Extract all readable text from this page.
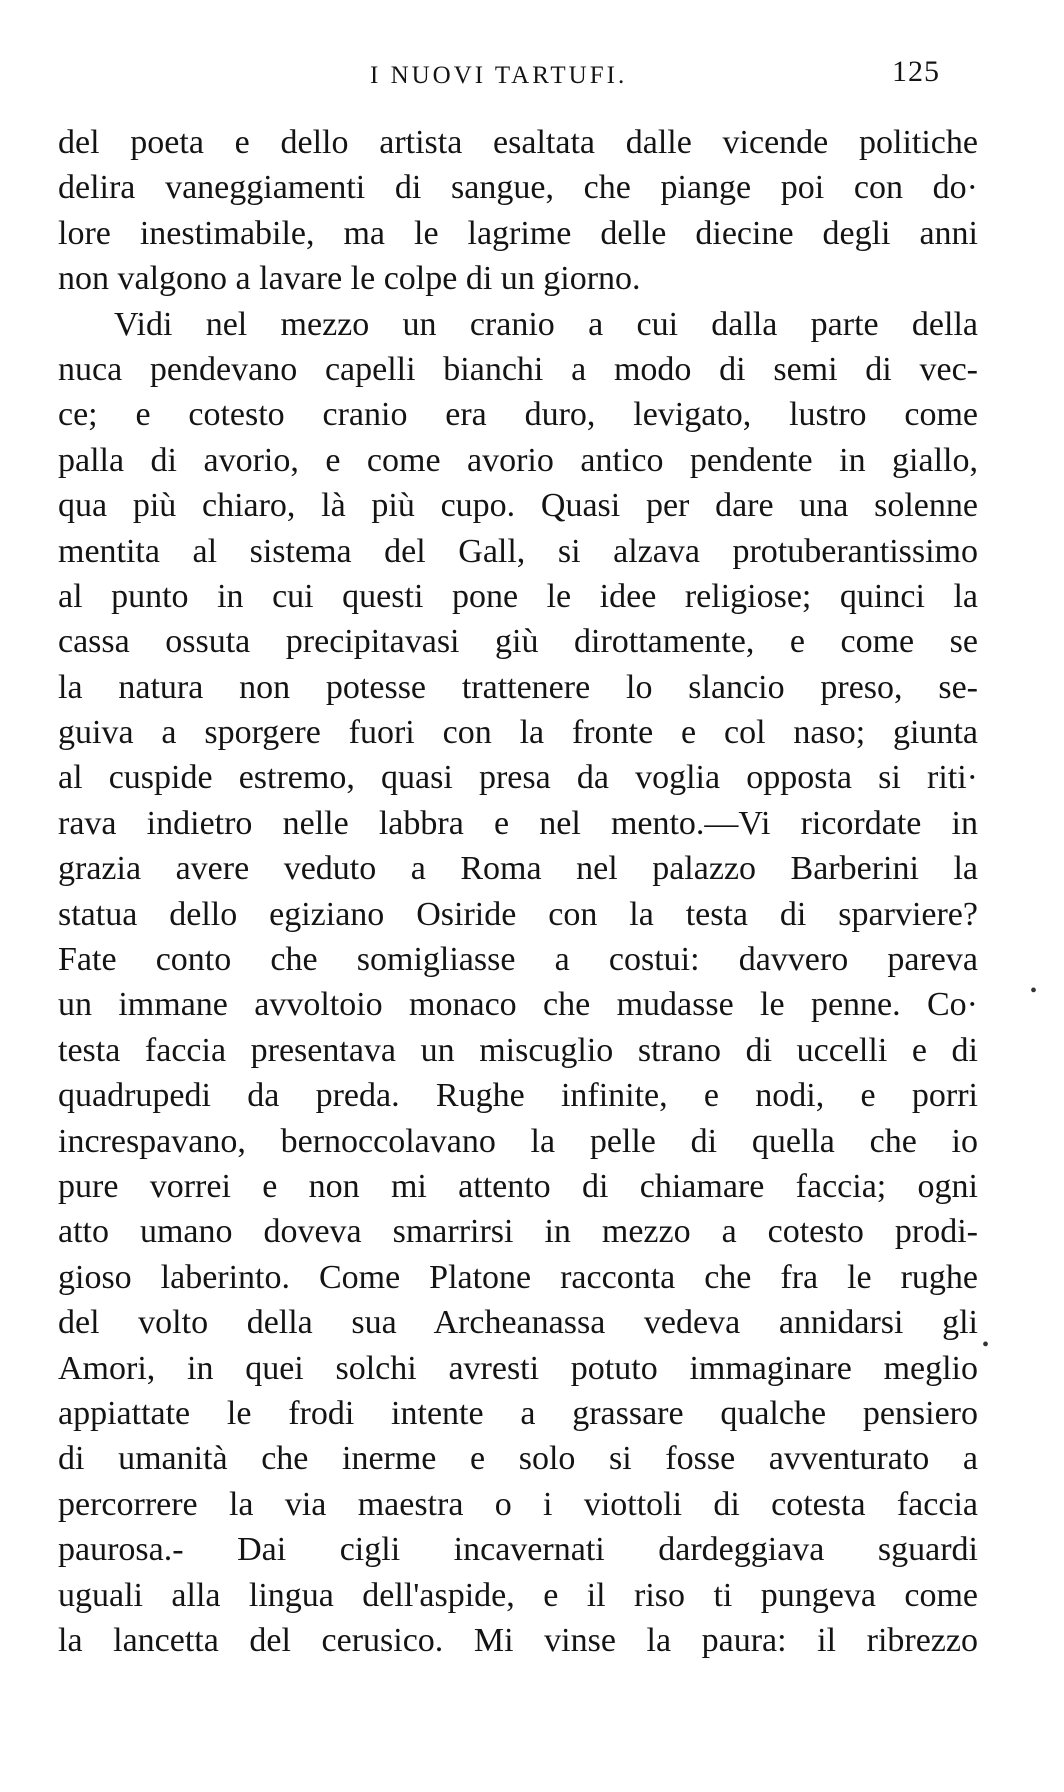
I NUOVI TARTUFI.	125
del poeta e dello artista esaltata dalle vicende politiche
delira vaneggiamenti di sangue, che piange poi con do·
lore inestimabile, ma le lagrime delle diecine degli anni
non valgono a lavare le colpe di un giorno.
Vidi nel mezzo un cranio a cui dalla parte della
nuca pendevano capelli bianchi a modo di semi di vec-
ce; e cotesto cranio era duro, levigato, lustro come
palla di avorio, e come avorio antico pendente in giallo,
qua più chiaro, là più cupo. Quasi per dare una solenne
mentita al sistema del Gall, si alzava protuberantissimo
al punto in cui questi pone le idee religiose; quinci la
cassa ossuta precipitavasi giù dirottamente, e come se
la natura non potesse trattenere lo slancio preso, se-
guiva a sporgere fuori con la fronte e col naso; giunta
al cuspide estremo, quasi presa da voglia opposta si riti·
rava indietro nelle labbra e nel mento.—Vi ricordate in
grazia avere veduto a Roma nel palazzo Barberini la
statua dello egiziano Osiride con la testa di sparviere?
Fate conto che somigliasse a costui: davvero pareva
un immane avvoltoio monaco che mudasse le penne. Co·
testa faccia presentava un miscuglio strano di uccelli e di
quadrupedi da preda. Rughe infinite, e nodi, e porri
increspavano, bernoccolavano la pelle di quella che io
pure vorrei e non mi attento di chiamare faccia; ogni
atto umano doveva smarrirsi in mezzo a cotesto prodi-
gioso laberinto. Come Platone racconta che fra le rughe
del volto della sua Archeanassa vedeva annidarsi gli
Amori, in quei solchi avresti potuto immaginare meglio
appiattate le frodi intente a grassare qualche pensiero
di umanità che inerme e solo si fosse avventurato a
percorrere la via maestra o i viottoli di cotesta faccia
paurosa.- Dai cigli incavernati dardeggiava sguardi
uguali alla lingua dell'aspide, e il riso ti pungeva come
la lancetta del cerusico. Mi vinse la paura: il ribrezzo
•
•
